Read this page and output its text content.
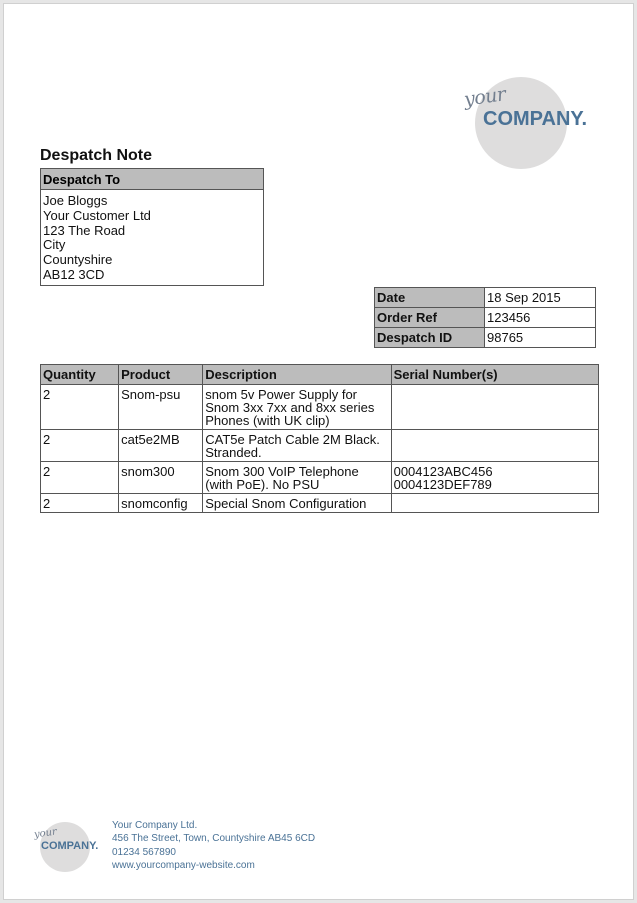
your
COMPANY.
Despatch Note
Despatch To
Joe Bloggs
Your Customer Ltd
123 The Road
City
Countyshire
AB12 3CD
Date	18 Sep 2015
Order Ref	123456
Despatch ID	98765
Quantity	Product	Description	Serial Number(s)
2	Snom-psu	snom 5v Power Supply for Snom 3xx 7xx and 8xx series Phones (with UK clip)	
2	cat5e2MB	CAT5e Patch Cable 2M Black. Stranded.	
2	snom300	Snom 300 VoIP Telephone (with PoE). No PSU	0004123ABC456
0004123DEF789

2	snomconfig	Special Snom Configuration	
your
COMPANY.
Your Company Ltd.
456 The Street, Town, Countyshire AB45 6CD
01234 567890
www.yourcompany-website.com
